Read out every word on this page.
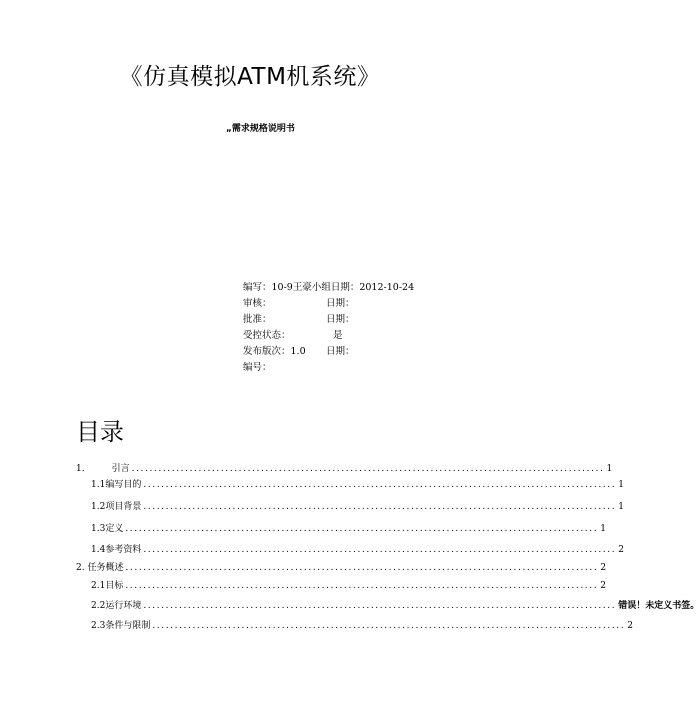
《仿真模拟ATM机系统》
„需求规格说明书
编写：10-9王豪小组日期：2012-10-24
审核：	日期：
批准：	日期：
受控状态：	是
发布版次：1.0 日期：
编号：
目录
1.	引言 .......................................................................................................... 1
1.1编写目的 .......................................................................................................... 1
1.2项目背景 .......................................................................................................... 1
1.3定义 .......................................................................................................... 1
1.4参考资料 .......................................................................................................... 2
2. 任务概述 .......................................................................................................... 2
2.1目标 .......................................................................................................... 2
2.2运行环境 .......................................................................................................... 错误！未定义书签。
2.3条件与限制 .......................................................................................................... 2
